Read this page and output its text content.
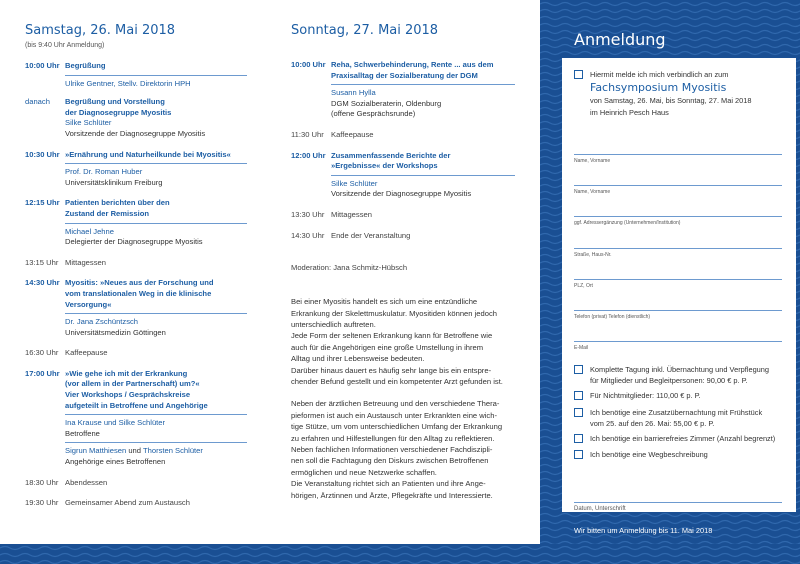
Samstag, 26. Mai 2018
(bis 9:40 Uhr Anmeldung)
10:00 Uhr Begrüßung
Ulrike Gentner, Stellv. Direktorin HPH
danach	Begrüßung und Vorstellung
der Diagnosegruppe Myositis
Silke Schlüter
Vorsitzende der Diagnosegruppe Myositis
10:30 Uhr »Ernährung und Naturheilkunde bei Myositis«
Prof. Dr. Roman Huber
Universitätsklinikum Freiburg
12:15 Uhr Patienten berichten über den
Zustand der Remission
Michael Jehne
Delegierter der Diagnosegruppe Myositis
13:15 Uhr Mittagessen
14:30 Uhr Myositis: »Neues aus der Forschung und
vom translationalen Weg in die klinische
Versorgung«
Dr. Jana Zschüntzsch
Universitätsmedizin Göttingen
16:30 Uhr Kaffeepause
17:00 Uhr »Wie gehe ich mit der Erkrankung
(vor allem in der Partnerschaft) um?«
Vier Workshops / Gesprächskreise
aufgeteilt in Betroffene und Angehörige
Ina Krause und Silke Schlüter
Betroffene
Sigrun Matthiesen und Thorsten Schlüter
Angehörige eines Betroffenen
18:30 Uhr Abendessen
19:30 Uhr Gemeinsamer Abend zum Austausch
Sonntag, 27. Mai 2018
10:00 Uhr Reha, Schwerbehinderung, Rente ... aus dem
Praxisalltag der Sozialberatung der DGM
Susann Hylla
DGM Sozialberaterin, Oldenburg
(offene Gesprächsrunde)
11:30 Uhr Kaffeepause
12:00 Uhr Zusammenfassende Berichte der
»Ergebnisse« der Workshops
Silke Schlüter
Vorsitzende der Diagnosegruppe Myositis
13:30 Uhr Mittagessen
14:30 Uhr Ende der Veranstaltung
Moderation: Jana Schmitz-Hübsch

Bei einer Myositis handelt es sich um eine entzündliche

Erkrankung der Skelettmuskulatur. Myositiden können jedoch

unterschiedlich auftreten.

Jede Form der seltenen Erkrankung kann für Betroffene wie

auch für die Angehörigen eine große Umstellung in ihrem

Alltag und ihrer Lebensweise bedeuten.

Darüber hinaus dauert es häufig sehr lange bis ein entspre-

chender Befund gestellt und ein kompetenter Arzt gefunden ist.

Neben der ärztlichen Betreuung und den verschiedene Thera-

pieformen ist auch ein Austausch unter Erkrankten eine wich-

tige Stütze, um vom unterschiedlichen Umfang der Erkrankung

zu erfahren und Hilfestellungen für den Alltag zu reflektieren.

Neben fachlichen Informationen verschiedener Fachdiszipli-

nen soll die Fachtagung den Diskurs zwischen Betroffenen

ermöglichen und neue Netzwerke schaffen.

Die Veranstaltung richtet sich an Patienten und ihre Ange-

hörigen, Ärztinnen und Ärzte, Pflegekräfte und Interessierte.

Anmeldung
Hiermit melde ich mich verbindlich an zum
Fachsymposium Myositis
von Samstag, 26. Mai, bis Sonntag, 27. Mai 2018
im Heinrich Pesch Haus
Name, Vorname
Name, Vorname
ggf. Adressergänzung (Unternehmen/Institution)
Straße, Haus-Nr.
PLZ, Ort
Telefon (privat) Telefon (dienstlich)
E-Mail
Komplette Tagung inkl. Übernachtung und Verpflegung
für Mitglieder und Begleitpersonen: 90,00 € p. P.
Für Nichtmitglieder: 110,00 € p. P.
Ich benötige eine Zusatzübernachtung mit Frühstück
vom 25. auf den 26. Mai: 55,00 € p. P.
Ich benötige ein barrierefreies Zimmer (Anzahl begrenzt)
Ich benötige eine Wegbeschreibung
Datum, Unterschrift
Wir bitten um Anmeldung bis 11. Mai 2018
